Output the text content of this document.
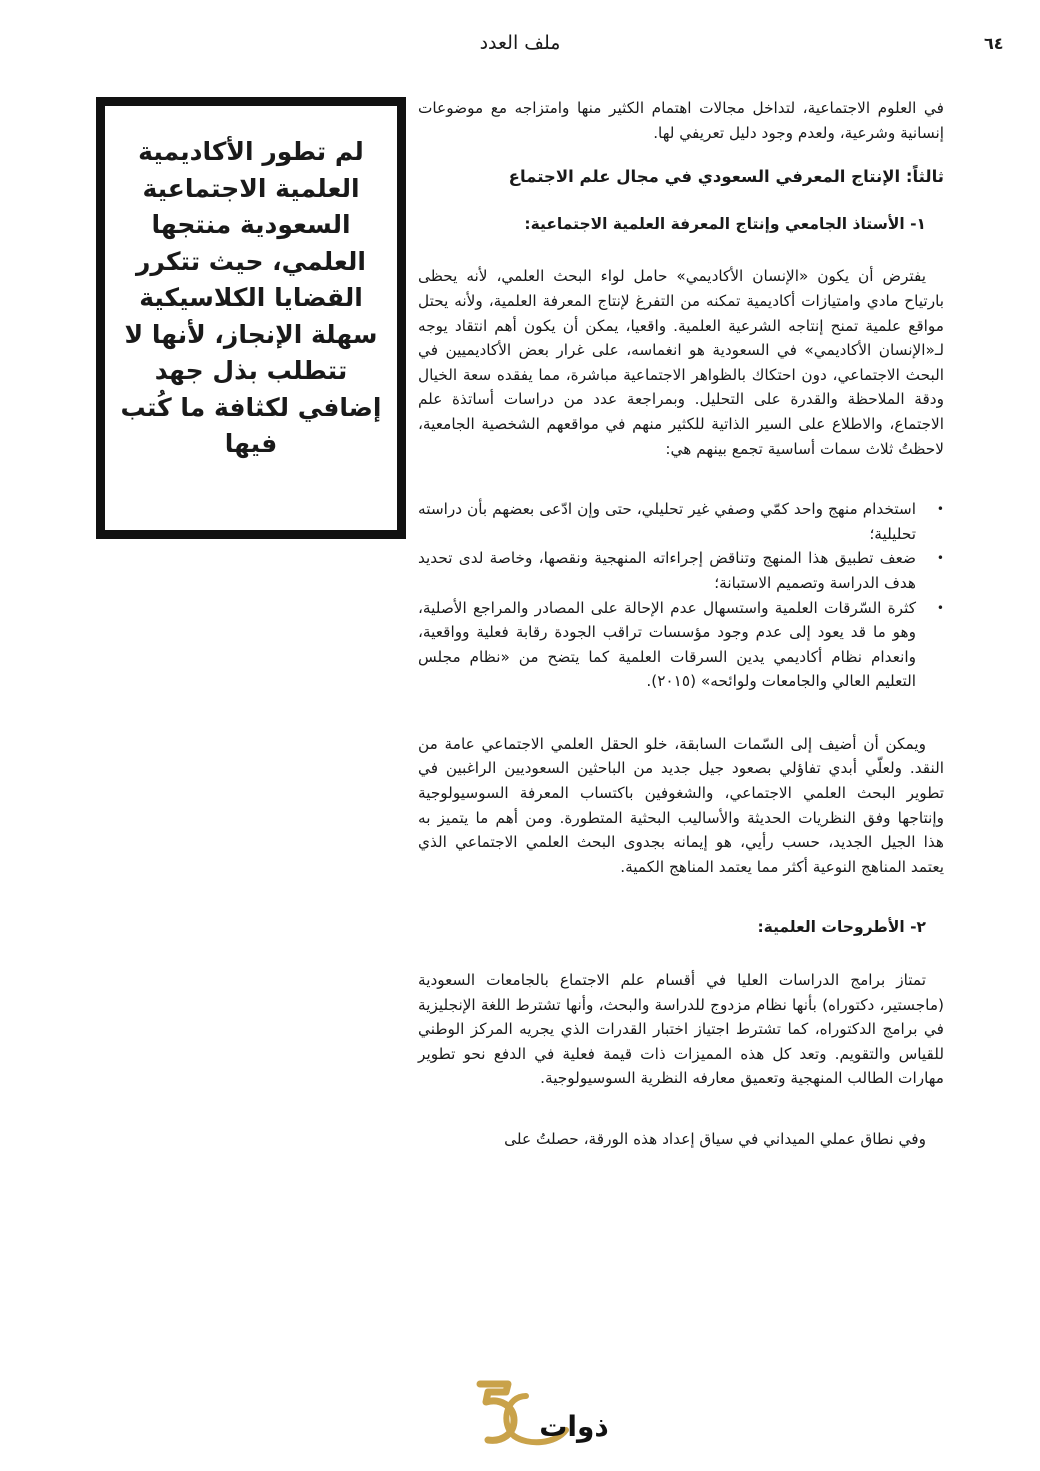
٦٤
ملف العدد
لم تطور الأكاديمية العلمية الاجتماعية السعودية منتجها العلمي، حيث تتكرر القضايا الكلاسيكية سهلة الإنجاز، لأنها لا تتطلب بذل جهد إضافي لكثافة ما كُتب فيها

في العلوم الاجتماعية، لتداخل مجالات اهتمام الكثير منها وامتزاجه مع موضوعات إنسانية وشرعية، ولعدم وجود دليل تعريفي لها.

ثالثاً: الإنتاج المعرفي السعودي في مجال علم الاجتماع

١- الأستاذ الجامعي وإنتاج المعرفة العلمية الاجتماعية:

يفترض أن يكون «الإنسان الأكاديمي» حامل لواء البحث العلمي، لأنه يحظى بارتياح مادي وامتيازات أكاديمية تمكنه من التفرغ لإنتاج المعرفة العلمية، ولأنه يحتل مواقع علمية تمنح إنتاجه الشرعية العلمية. واقعيا، يمكن أن يكون أهم انتقاد يوجه لـ«الإنسان الأكاديمي» في السعودية هو انغماسه، على غرار بعض الأكاديميين في البحث الاجتماعي، دون احتكاك بالظواهر الاجتماعية مباشرة، مما يفقده سعة الخيال ودقة الملاحظة والقدرة على التحليل. وبمراجعة عدد من دراسات أساتذة علم الاجتماع، والاطلاع على السير الذاتية للكثير منهم في مواقعهم الشخصية الجامعية، لاحظتُ ثلاث سمات أساسية تجمع بينهم هي:

• استخدام منهج واحد كمّي وصفي غير تحليلي، حتى وإن ادّعى بعضهم بأن دراسته تحليلية؛
• ضعف تطبيق هذا المنهج وتناقض إجراءاته المنهجية ونقصها، وخاصة لدى تحديد هدف الدراسة وتصميم الاستبانة؛
• كثرة السّرقات العلمية واستسهال عدم الإحالة على المصادر والمراجع الأصلية، وهو ما قد يعود إلى عدم وجود مؤسسات تراقب الجودة رقابة فعلية وواقعية، وانعدام نظام أكاديمي يدين السرقات العلمية كما يتضح من «نظام مجلس التعليم العالي والجامعات ولوائحه» (٢٠١٥).

ويمكن أن أضيف إلى السّمات السابقة، خلو الحقل العلمي الاجتماعي عامة من النقد. ولعلّي أبدي تفاؤلي بصعود جيل جديد من الباحثين السعوديين الراغبين في تطوير البحث العلمي الاجتماعي، والشغوفين باكتساب المعرفة السوسيولوجية وإنتاجها وفق النظريات الحديثة والأساليب البحثية المتطورة. ومن أهم ما يتميز به هذا الجيل الجديد، حسب رأيي، هو إيمانه بجدوى البحث العلمي الاجتماعي الذي يعتمد المناهج النوعية أكثر مما يعتمد المناهج الكمية.

٢- الأطروحات العلمية:

تمتاز برامج الدراسات العليا في أقسام علم الاجتماع بالجامعات السعودية (ماجستير، دكتوراه) بأنها نظام مزدوج للدراسة والبحث، وأنها تشترط اللغة الإنجليزية في برامج الدكتوراه، كما تشترط اجتياز اختبار القدرات الذي يجريه المركز الوطني للقياس والتقويم. وتعد كل هذه المميزات ذات قيمة فعلية في الدفع نحو تطوير مهارات الطالب المنهجية وتعميق معارفه النظرية السوسيولوجية.

وفي نطاق عملي الميداني في سياق إعداد هذه الورقة، حصلتُ على

ذوات
